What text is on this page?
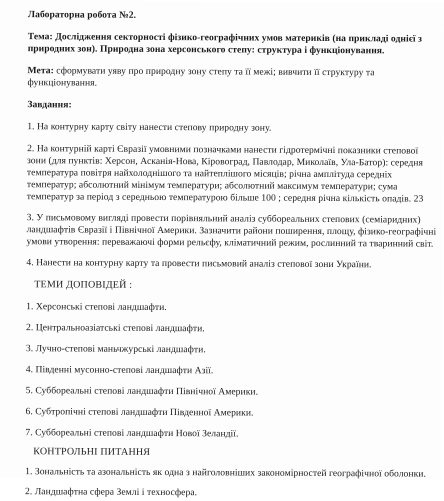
Лабораторна робота №2.
Тема: Дослідження секторності фізико-географічних умов материків (на прикладі однієї з
природних зон). Природна зона херсонського степу: структура і функціонування.
Мета: сформувати уяву про природну зону степу та її межі; вивчити її структуру та
функціонування.
Завдання:
1. На контурну карту світу нанести степову природну зону.
2. На контурній карті Євразії умовними позначками нанести гідротермічні показники степової
зони (для пунктів: Херсон, Асканія-Нова, Кіровоград, Павлодар, Миколаїв, Ула-Батор): середня
температура повітря найхолоднішого та найтеплішого місяців; річна амплітуда середніх
температур; абсолютний мінімум температури; абсолютний максимум температури; сума
температур за період з середньою температурою більше 100 ; середня річна кількість опадів. 23
3. У письмовому вигляді провести порівняльний аналіз суббореальних степових (семіаридних)
ландшафтів Євразії і Північної Америки. Зазначити райони поширення, площу, фізико-географічні
умови утворення: переважаючі форми рельєфу, кліматичний режим, рослинний та тваринний світ.
4. Нанести на контурну карту та провести письмовий аналіз степової зони України.
ТЕМИ ДОПОВІДЕЙ :
1. Херсонські степові ландшафти.
2. Центральноазіатські степові ландшафти.
3. Лучно-степові маньчжурські ландшафти.
4. Південні мусонно-степові ландшафти Азії.
5. Суббореальні степові ландшафти Північної Америки.
6. Субтропічні степові ландшафти Південної Америки.
7. Суббореальні степові ландшафти Нової Зеландії.
КОНТРОЛЬНІ ПИТАННЯ
1. Зональність та азональність як одна з найголовніших закономірностей географічної оболонки.
2. Ландшафтна сфера Землі і техносфера.
